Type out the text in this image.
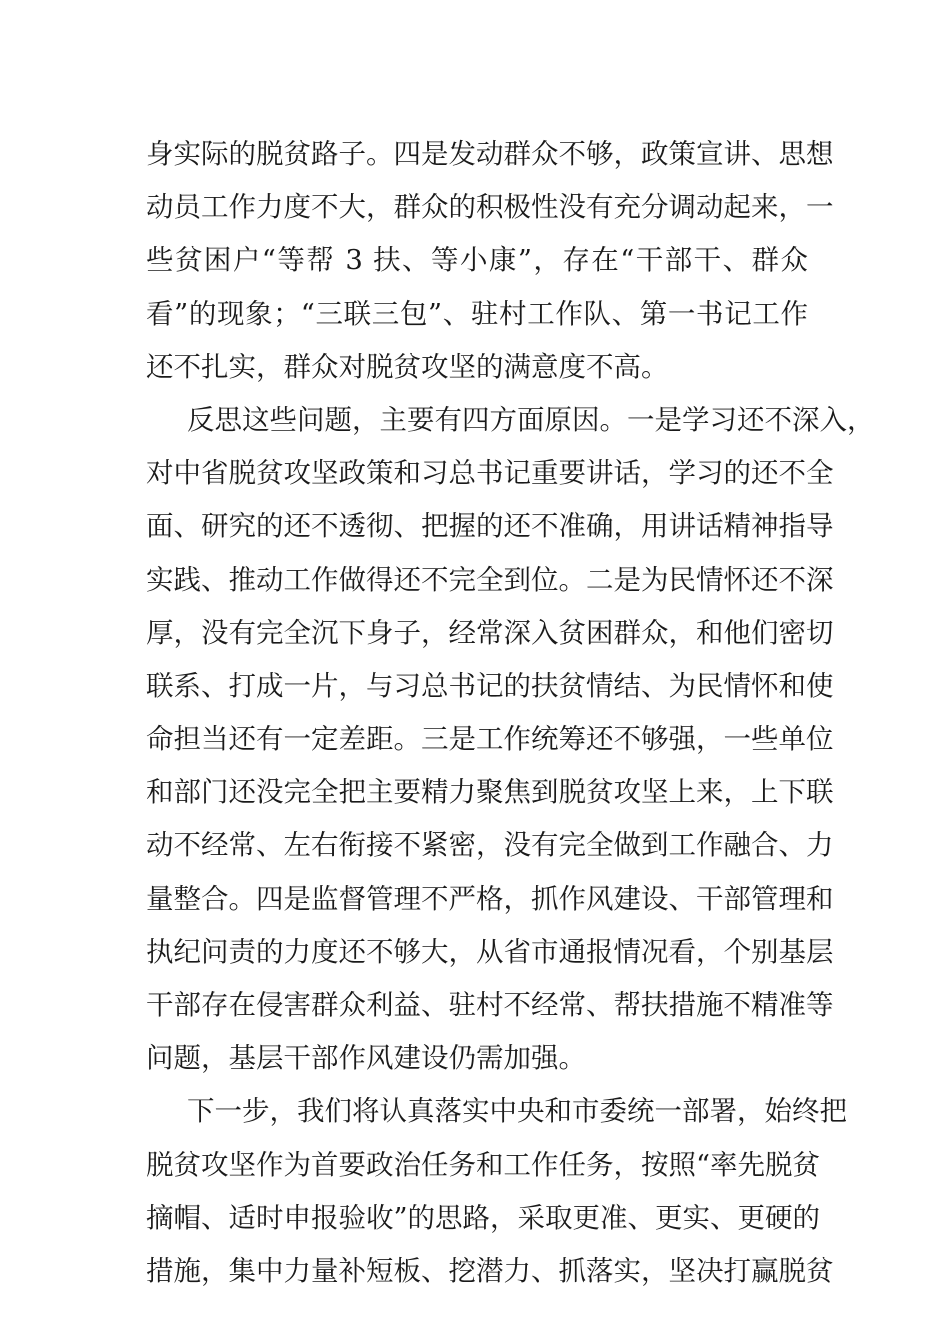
身实际的脱贫路子。四是发动群众不够，政策宣讲、思想
动员工作力度不大，群众的积极性没有充分调动起来，一
些贫困户“等帮 3 扶、等小康”，存在“干部干、群众
看”的现象；“三联三包”、驻村工作队、第一书记工作
还不扎实，群众对脱贫攻坚的满意度不高。
反思这些问题，主要有四方面原因。一是学习还不深入，
对中省脱贫攻坚政策和习总书记重要讲话，学习的还不全
面、研究的还不透彻、把握的还不准确，用讲话精神指导
实践、推动工作做得还不完全到位。二是为民情怀还不深
厚，没有完全沉下身子，经常深入贫困群众，和他们密切
联系、打成一片，与习总书记的扶贫情结、为民情怀和使
命担当还有一定差距。三是工作统筹还不够强，一些单位
和部门还没完全把主要精力聚焦到脱贫攻坚上来，上下联
动不经常、左右衔接不紧密，没有完全做到工作融合、力
量整合。四是监督管理不严格，抓作风建设、干部管理和
执纪问责的力度还不够大，从省市通报情况看，个别基层
干部存在侵害群众利益、驻村不经常、帮扶措施不精准等
问题，基层干部作风建设仍需加强。
下一步，我们将认真落实中央和市委统一部署，始终把
脱贫攻坚作为首要政治任务和工作任务，按照“率先脱贫
摘帽、适时申报验收”的思路，采取更准、更实、更硬的
措施，集中力量补短板、挖潜力、抓落实，坚决打赢脱贫
